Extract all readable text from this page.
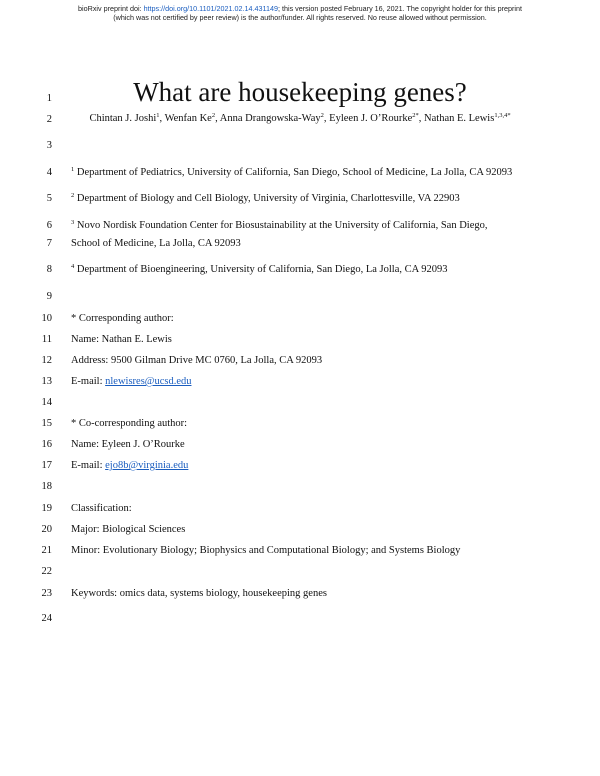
bioRxiv preprint doi: https://doi.org/10.1101/2021.02.14.431149; this version posted February 16, 2021. The copyright holder for this preprint
(which was not certified by peer review) is the author/funder. All rights reserved. No reuse allowed without permission.
1
2
3
4
5
6
7
8
9
10
11
12
13
14
15
16
17
18
19
20
21
22
23
24
What are housekeeping genes?
Chintan J. Joshi$^1$, Wenfan Ke$^2$, Anna Drangowska-Way$^2$, Eyleen J. O’Rourke$^{2*}$, Nathan E. Lewis$^{1,3,4*}$
$^1$ Department of Pediatrics, University of California, San Diego, School of Medicine, La Jolla, CA 92093
$^2$ Department of Biology and Cell Biology, University of Virginia, Charlottesville, VA 22903
$^3$ Novo Nordisk Foundation Center for Biosustainability at the University of California, San Diego,
School of Medicine, La Jolla, CA 92093
$^4$ Department of Bioengineering, University of California, San Diego, La Jolla, CA 92093
* Corresponding author:
Name: Nathan E. Lewis
Address: 9500 Gilman Drive MC 0760, La Jolla, CA 92093
E-mail: nlewisres@ucsd.edu
* Co-corresponding author:
Name: Eyleen J. O’Rourke
E-mail: ejo8b@virginia.edu
Classification:
Major: Biological Sciences
Minor: Evolutionary Biology; Biophysics and Computational Biology; and Systems Biology
Keywords: omics data, systems biology, housekeeping genes
